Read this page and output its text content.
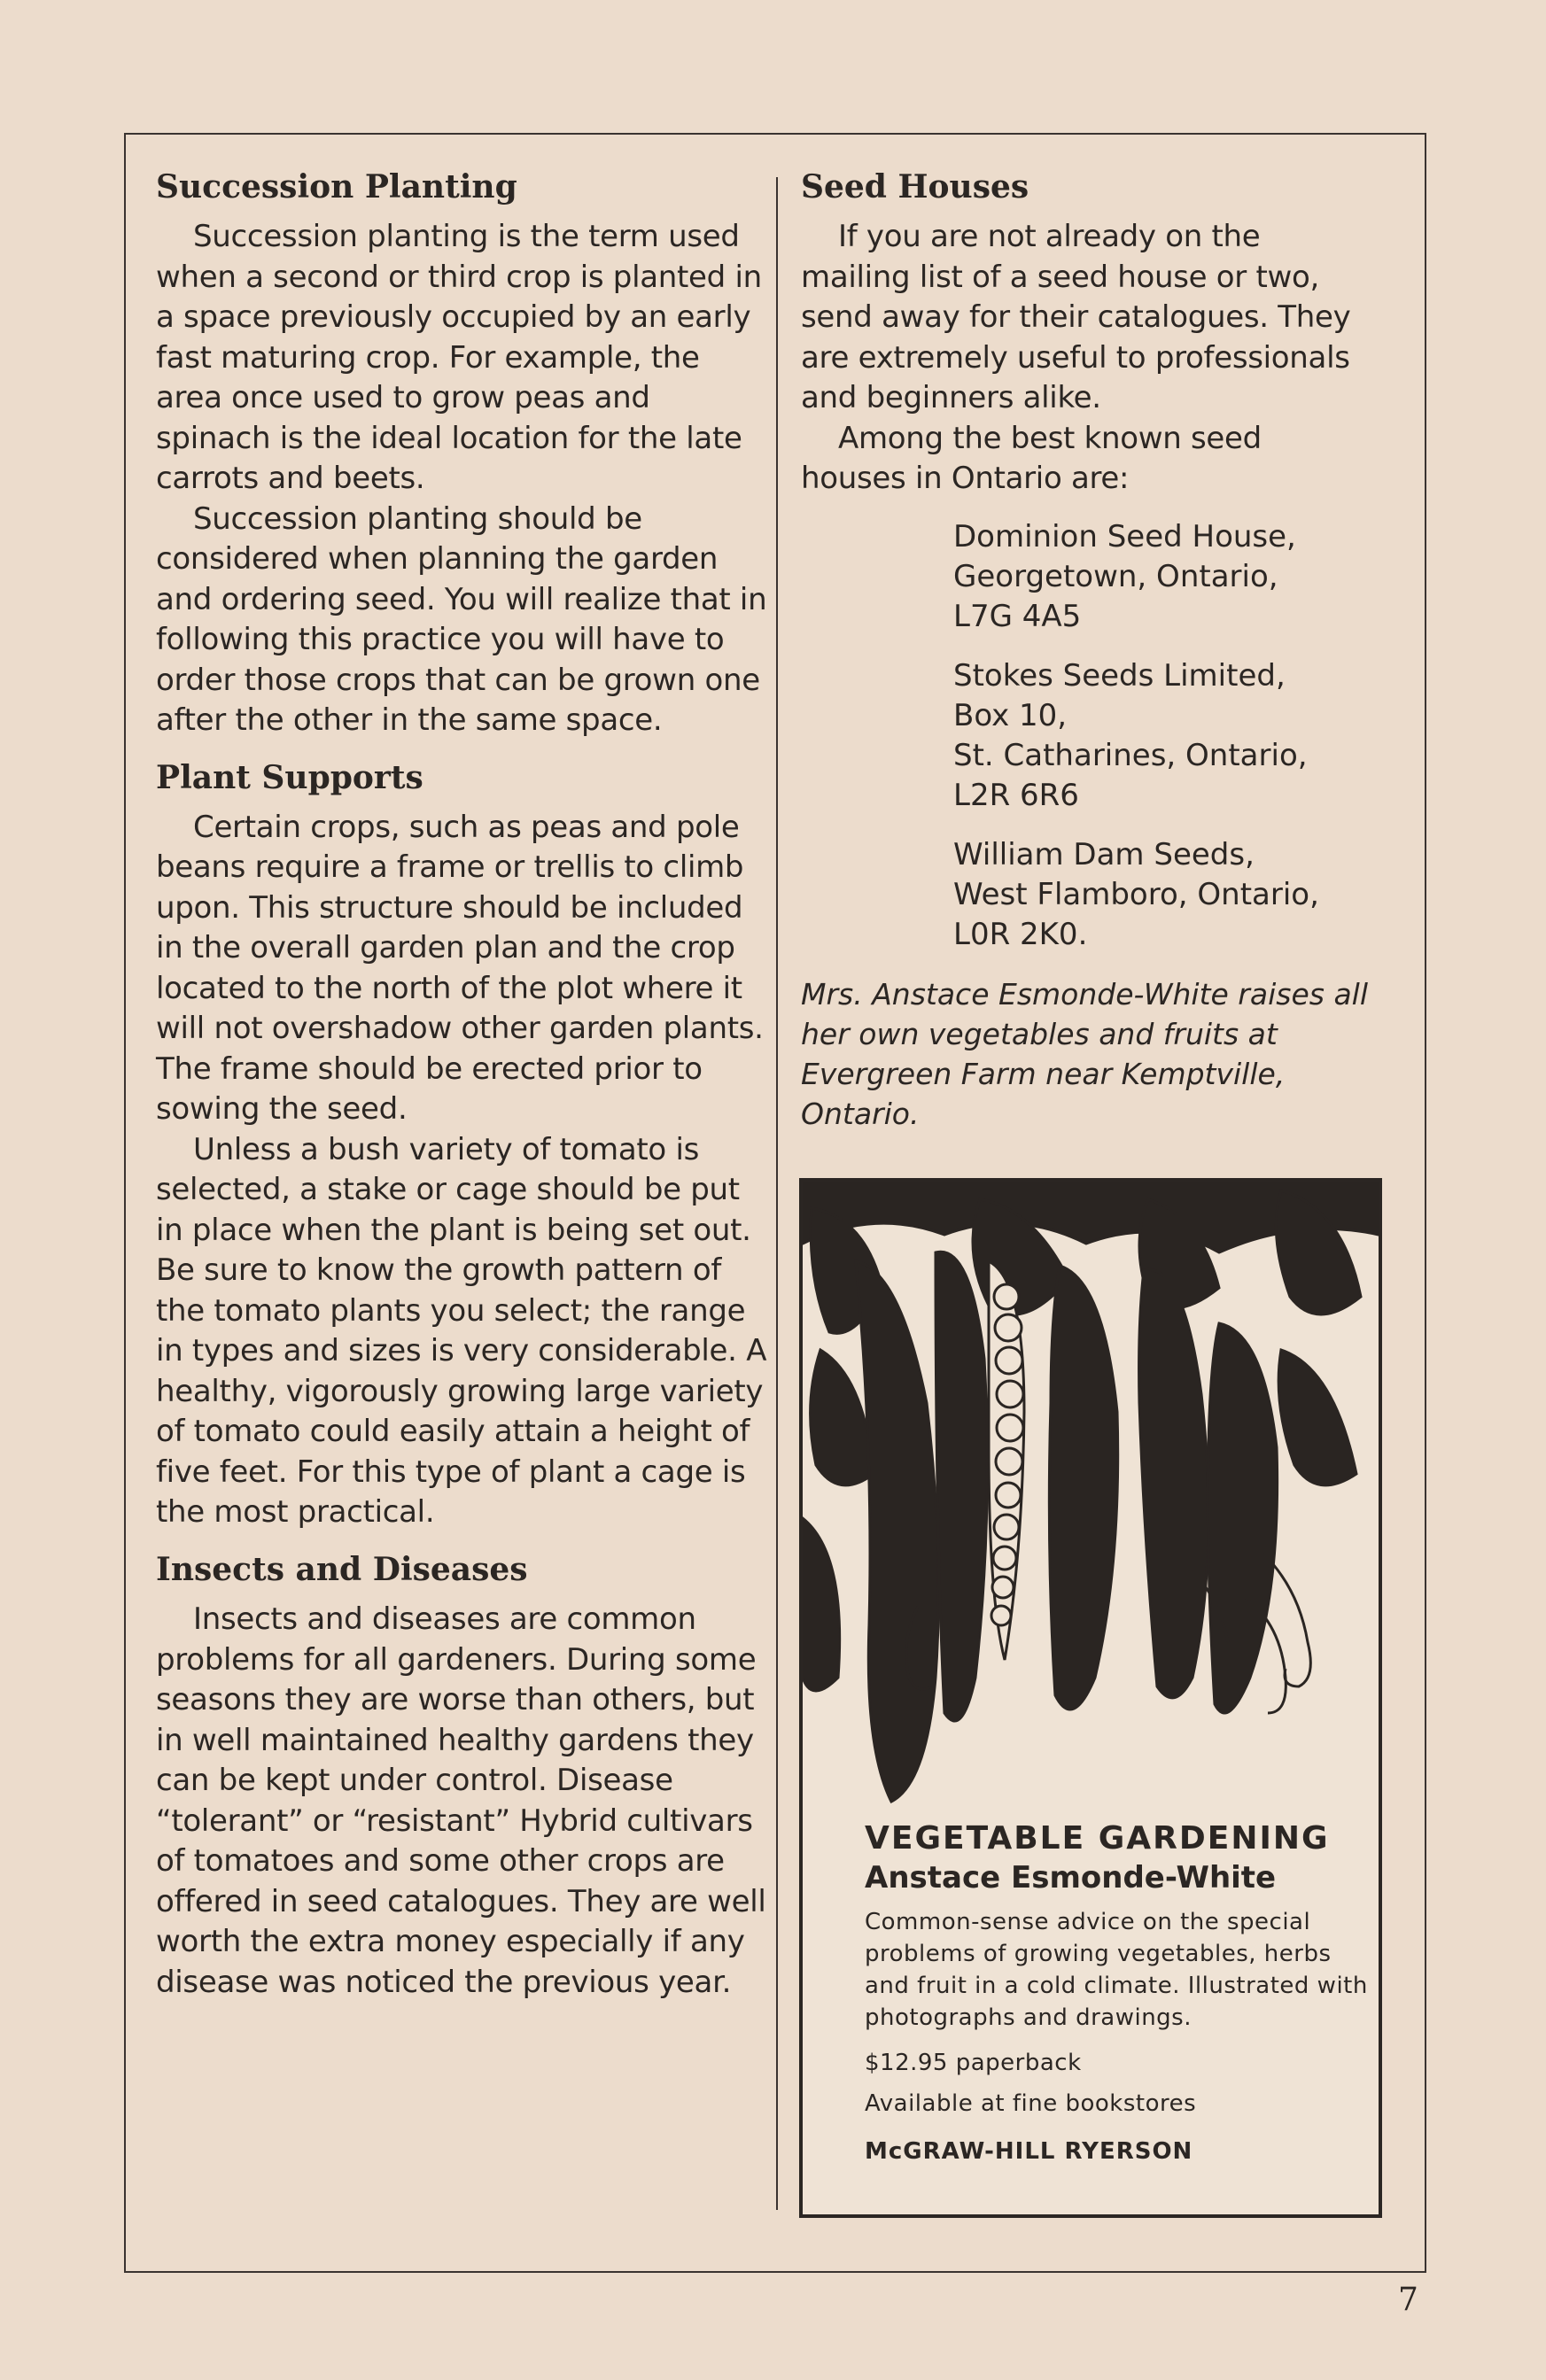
Succession Planting

Succession planting is the term used when a second or third crop is planted in a space previously occupied by an early fast maturing crop. For example, the area once used to grow peas and spinach is the ideal location for the late carrots and beets.

Succession planting should be considered when planning the garden and ordering seed. You will realize that in following this practice you will have to order those crops that can be grown one after the other in the same space.

Plant Supports

Certain crops, such as peas and pole beans require a frame or trellis to climb upon. This structure should be included in the overall garden plan and the crop located to the north of the plot where it will not overshadow other garden plants. The frame should be erected prior to sowing the seed.

Unless a bush variety of tomato is selected, a stake or cage should be put in place when the plant is being set out. Be sure to know the growth pattern of the tomato plants you select; the range in types and sizes is very considerable. A healthy, vigorously growing large variety of tomato could easily attain a height of five feet. For this type of plant a cage is the most practical.

Insects and Diseases

Insects and diseases are common problems for all gardeners. During some seasons they are worse than others, but in well maintained healthy gardens they can be kept under control. Disease “tolerant” or “resistant” Hybrid cultivars of tomatoes and some other crops are offered in seed catalogues. They are well worth the extra money especially if any disease was noticed the previous year.

Seed Houses

If you are not already on the mailing list of a seed house or two, send away for their catalogues. They are extremely useful to professionals and beginners alike.

Among the best known seed houses in Ontario are:

Dominion Seed House,
Georgetown, Ontario,
L7G 4A5
Stokes Seeds Limited,
Box 10,
St. Catharines, Ontario,
L2R 6R6
William Dam Seeds,
West Flamboro, Ontario,
L0R 2K0.
Mrs. Anstace Esmonde-White raises all her own vegetables and fruits at Evergreen Farm near Kemptville, Ontario.
VEGETABLE GARDENING
Anstace Esmonde-White
Common-sense advice on the special problems of growing vegetables, herbs and fruit in a cold climate. Illustrated with photographs and drawings.
$12.95 paperback
Available at fine bookstores
McGRAW-HILL RYERSON
7
